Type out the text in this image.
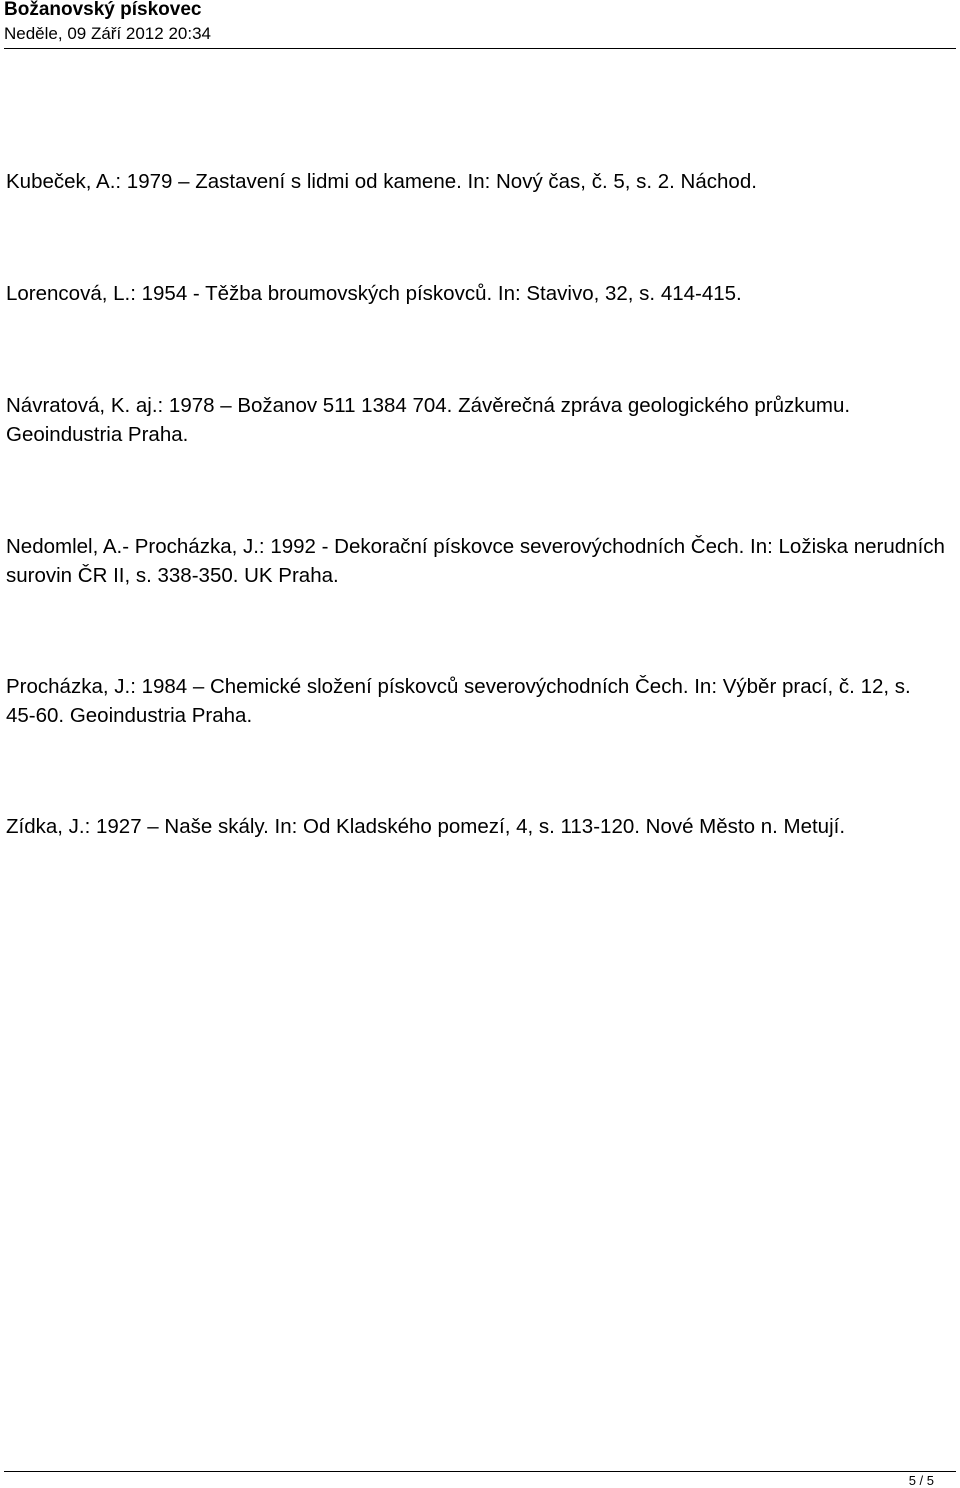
Božanovský pískovec
Neděle, 09 Září 2012 20:34

Kubeček, A.: 1979 – Zastavení s lidmi od kamene. In: Nový čas, č. 5, s. 2. Náchod.

Lorencová, L.: 1954 - Těžba broumovských pískovců. In: Stavivo, 32, s. 414-415.

Návratová, K. aj.: 1978 – Božanov 511 1384 704. Závěrečná zpráva geologického průzkumu. Geoindustria Praha.

Nedomlel, A.- Procházka, J.: 1992 - Dekorační pískovce severovýchodních Čech. In: Ložiska nerudních surovin ČR II, s. 338-350. UK Praha.

Procházka, J.: 1984 – Chemické složení pískovců severovýchodních Čech. In: Výběr prací, č. 12, s. 45-60. Geoindustria Praha.

Zídka, J.: 1927 – Naše skály. In: Od Kladského pomezí, 4, s. 113-120. Nové Město n. Metují.

5 / 5
